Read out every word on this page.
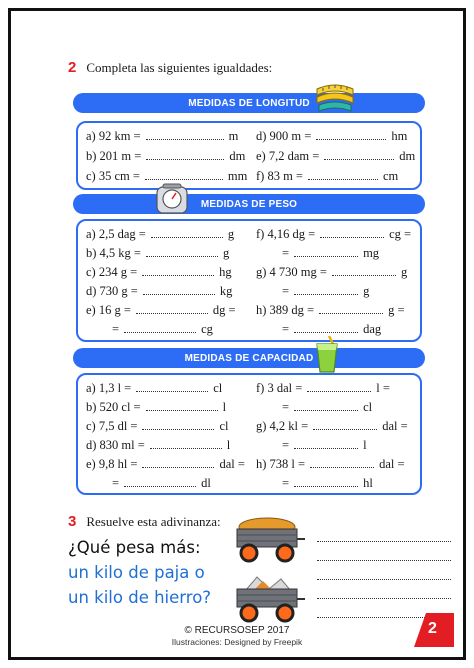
2 Completa las siguientes igualdades:
MEDIDAS DE LONGITUD
a) 92 km =	m
b) 201 m =	dm
c) 35 cm =	mm
d) 900 m =	hm
e) 7,2 dam =	dm
f) 83 m =	cm
MEDIDAS DE PESO
a) 2,5 dag =	g
b) 4,5 kg =	g
c) 234 g =	hg
d) 730 g =	kg
e) 16 g =	dg =
=	cg
f) 4,16 dg =	cg =
=	mg
g) 4 730 mg =	g
=	g
h) 389 dg =	g =
=	dag
MEDIDAS DE CAPACIDAD
a) 1,3 l =	cl
b) 520 cl =	l
c) 7,5 dl =	cl
d) 830 ml =	l
e) 9,8 hl =	dal =
=	dl
f) 3 dal =	l =
=	cl
g) 4,2 kl =	dal =
=	l
h) 738 l =	dal =
=	hl
3 Resuelve esta adivinanza:
¿Qué pesa más:
un kilo de paja o
un kilo de hierro?
© RECURSOSEP 2017
Ilustraciones: Designed by Freepik
2
